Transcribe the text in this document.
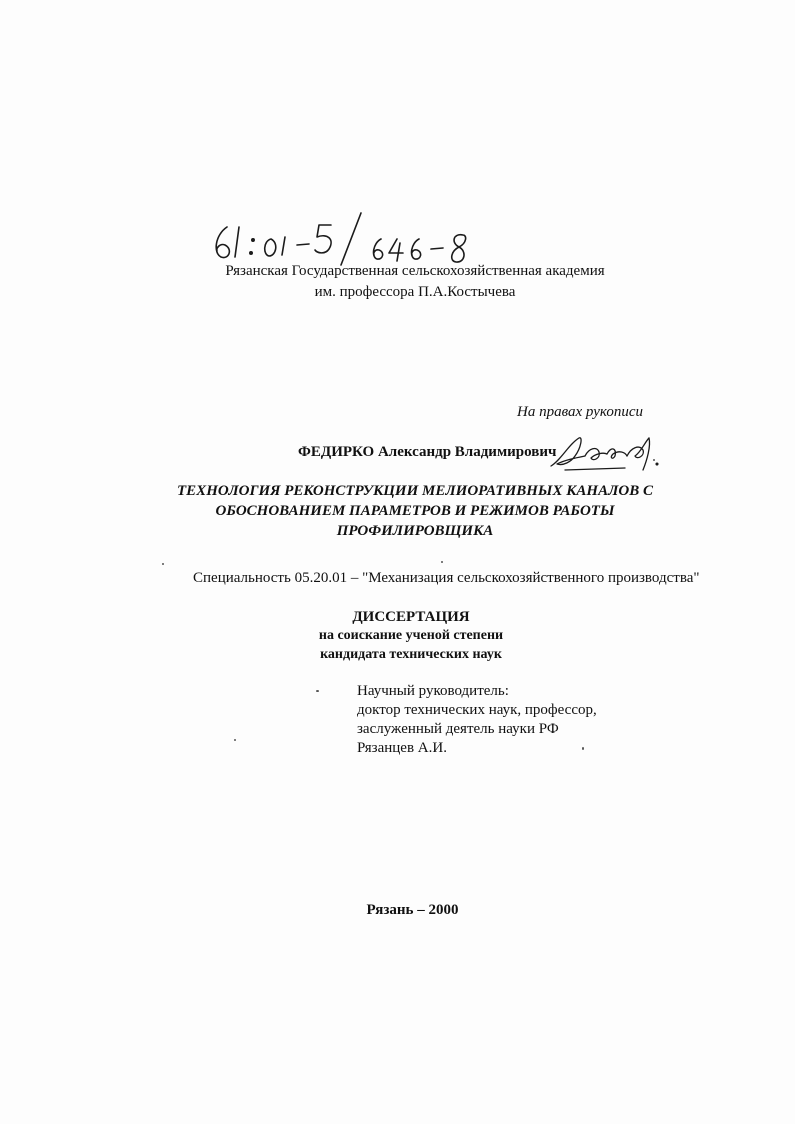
Рязанская Государственная сельскохозяйственная академия
им. профессора П.А.Костычева
На правах рукописи
ФЕДИРКО Александр Владимирович
ТЕХНОЛОГИЯ РЕКОНСТРУКЦИИ МЕЛИОРАТИВНЫХ КАНАЛОВ С
ОБОСНОВАНИЕМ ПАРАМЕТРОВ И РЕЖИМОВ РАБОТЫ
ПРОФИЛИРОВЩИКА
Специальность 05.20.01 – "Механизация сельскохозяйственного производства"
ДИССЕРТАЦИЯ
на соискание ученой степени
кандидата технических наук
Научный руководитель:
доктор технических наук, профессор,
заслуженный деятель науки РФ
Рязанцев А.И.
Рязань – 2000
